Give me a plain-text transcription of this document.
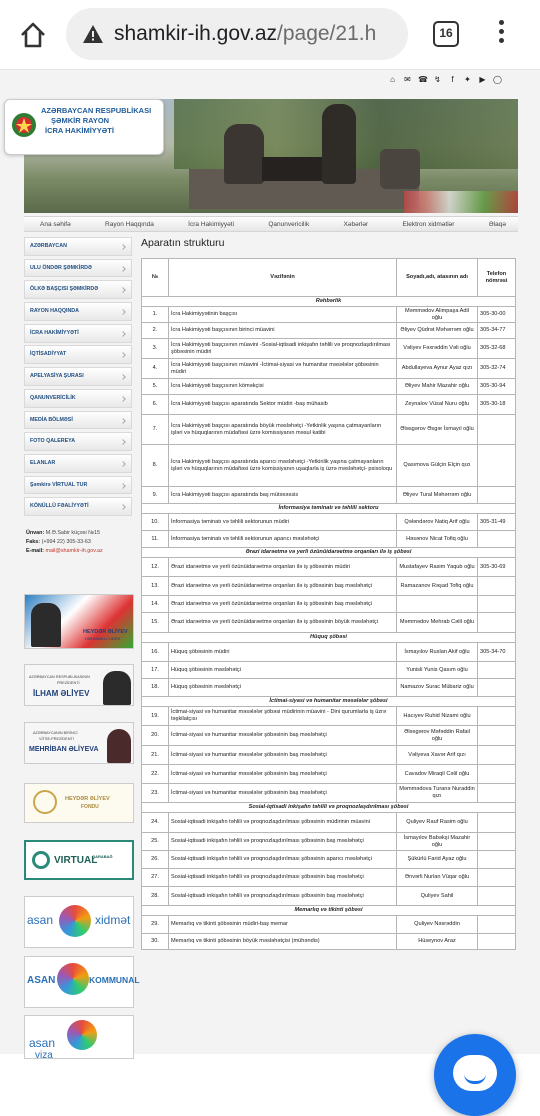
shamkir-ih.gov.az/page/21.h	16
⌂ ✉ ☎ ↯	f	✦ ▶ ◯
AZƏRBAYCAN RESPUBLİKASI
ŞƏMKİR RAYON
İCRA HAKİMİYYƏTİ
Ana səhifə	Rayon Haqqında	İcra Hakimiyyəti	Qanunvericilik	Xəbərlər	Elektron xidmətlər	Əlaqə
AZƏRBAYCAN
ULU ÖNDƏR ŞƏMKİRDƏ
ÖLKƏ BAŞÇISI ŞƏMKİRDƏ
RAYON HAQQINDA
İCRA HAKİMİYYƏTİ
İQTİSADİYYAT
APELYASİYA ŞURASI
QANUNVERİCİLİK
MEDİA BÖLMƏSİ
FOTO QALEREYA
ELANLAR
Şəmkirə VİRTUAL TUR
KÖNÜLLÜ FƏALİYYƏTİ
Ünvan: M.Ə.Sabir küçəsi №15
Faks: (+994 22) 305-33-63
E-mail: mail@shamkir-ih.gov.az
HEYDƏR ƏLİYEV
ÜMUMMİLLİ LİDER
AZƏRBAYCAN RESPUBLİKASININ
PREZİDENTİ
İLHAM ƏLİYEV
AZƏRBAYCANIN BİRİNCİ
VİTSE-PREZİDENTİ
MEHRİBAN ƏLİYEVA
HEYDƏR ƏLİYEV
FONDU
VIRTUAL
QARABAĞ
asan	xidmət
ASAN	KOMMUNAL
asan
viza
Aparatın strukturu
№	Vəzifənin	Soyadı,adı, atasının adı	Telefon nömrəsi
Rəhbərlik			
1.	İcra Hakimiyyətinin başçısı	Məmmədov Alimpaşa Adil oğlu	305-30-00
2.	İcra Hakimiyyəti başçısının birinci müavini	Əliyev Qüdrət Məhərrəm oğlu	305-34-77
3.	İcra Hakimiyyəti başçısının müavini -Sosial-iqtisadi inkişafın təhlili və proqnozlaşdırılması şöbəsinin müdiri	Vəliyev Fəxrəddin Vəli oğlu	305-32-68
4.	İcra Hakimiyyəti başçısının müavini -İctimai-siyasi və humanitar məsələlər şöbəsinin müdiri	Abdullayeva Aynur Ayaz qızı	305-32-74
5.	İcra Hakimiyyəti başçısının köməkçisi	Əliyev Mahir Mazahir oğlu	305-30-94
6.	İcra Hakimiyyəti başçısı aparatında Sektor müdiri -baş mühasib	Zeynalov Vüsal Nuru oğlu	305-30-18
7.	İcra Hakimiyyəti başçısı aparatında böyük məsləhətçi -Yetkinlik yaşına çatmayanların işləri və hüquqlarının müdafiəsi üzrə komissiyanın məsul katibi	Ələsgərov Əsgər İsmayıl oğlu	
8.	İcra Hakimiyyəti başçısı aparatında aparıcı məsləhətçi -Yetkinlik yaşına çatmayanların işləri və hüquqlarının müdafiəsi üzrə komissiyanın uşaqlarla iş üzrə məsləhətçi- psixoloqu	Qasımova Gülçin Elçin qızı	
9.	İcra Hakimiyyəti başçısı aparatında baş mütəxəssis	Əliyev Tural Məhərrəm oğlu	
İnformasiya təminatı və təhlili sektoru			
10.	İnformasiya təminatı və təhlili sektorunun müdiri	Qələndərov Natiq Arif oğlu	305-31-49
11.	İnformasiya təminatı və təhlili sektorunun aparıcı məsləhətçi	Həsənov Nicat Tofiq oğlu	
Ərazi idarəetmə və yerli özünüidarəetmə orqanları ilə iş şöbəsi			
12.	Ərazi idarəetmə və yerli özünüidarəetmə orqanları ilə iş şöbəsinin müdiri	Mustafayev Rasim Yaqub oğlu	305-30-69
13.	Ərazi idarəetmə və yerli özünüidarəetmə orqanları ilə iş şöbəsinin baş məsləhətçi	Ramazanov Rəşad Tofiq oğlu	
14.	Ərazi idarəetmə və yerli özünüidarəetmə orqanları ilə iş şöbəsinin baş məsləhətçi		
15.	Ərazi idarəetmə və yerli özünüidarəetmə orqanları ilə iş şöbəsinin böyük məsləhətçi	Məmmədov Mehrab Cəlil oğlu	
Hüquq şöbəsi			
16.	Hüquq şöbəsinin müdiri	İsmayılov Ruslan Akif oğlu	305-34-70
17.	Hüquq şöbəsinin məsləhətçi	Yunisli Yunis Qasım oğlu	
18.	Hüquq şöbəsinin məsləhətçi	Namazov Surac Mübariz oğlu	
İctimai-siyasi və humanitar məsələlər şöbəsi			
19.	İctimai-siyasi və humanitar məsələlər şöbəsi müdirinin müavini - Dini qurumlarla iş üzrə təşkilatçısı	Hacıyev Ruhid Nizami oğlu	
20.	İctimai-siyasi və humanitar məsələlər şöbəsinin baş məsləhətçi	Ələsgərov Məfəddin Rafail oğlu	
21.	İctimai-siyasi və humanitar məsələlər şöbəsinin baş məsləhətçi	Vəliyeva Xavər Arif qızı	
22.	İctimai-siyasi və humanitar məsələlər şöbəsinin baş məsləhətçi	Cavadov Miraqil Cəlil oğlu	
23.	İctimai-siyasi və humanitar məsələlər şöbəsinin baş məsləhətçi	Məmmədova Turanə Nuraddin qızı	
Sosial-iqtisadi inkişafın təhlili və proqnozlaşdırılması şöbəsi			
24.	Sosial-iqtisadi inkişafın təhlili və proqnozlaşdırılması şöbəsinin müdirinin müavini	Quliyev Rauf Rasim oğlu	
25.	Sosial-iqtisadi inkişafın təhlili və proqnozlaşdırılması şöbəsinin baş məsləhətçi	İsmayılov Babəkşi Mazahir oğlu	
26.	Sosial-iqtisadi inkişafın təhlili və proqnozlaşdırılması şöbəsinin aparıcı məsləhətçi	Şükürlü Farid Ayaz oğlu	
27.	Sosial-iqtisadi inkişafın təhlili və proqnozlaşdırılması şöbəsinin baş məsləhətçi	Ənvərli Nurlan Vüqar oğlu	
28.	Sosial-iqtisadi inkişafın təhlili və proqnozlaşdırılması şöbəsinin baş məsləhətçi	Quliyev Sahil	
Memarlıq və tikinti şöbəsi			
29.	Memarlıq və tikinti şöbəsinin müdiri-baş memar	Quliyev Nəsrəddin	
30.	Memarlıq və tikinti şöbəsinin böyük məsləhətçisi (mühəndis)	Hüseynov Araz	
